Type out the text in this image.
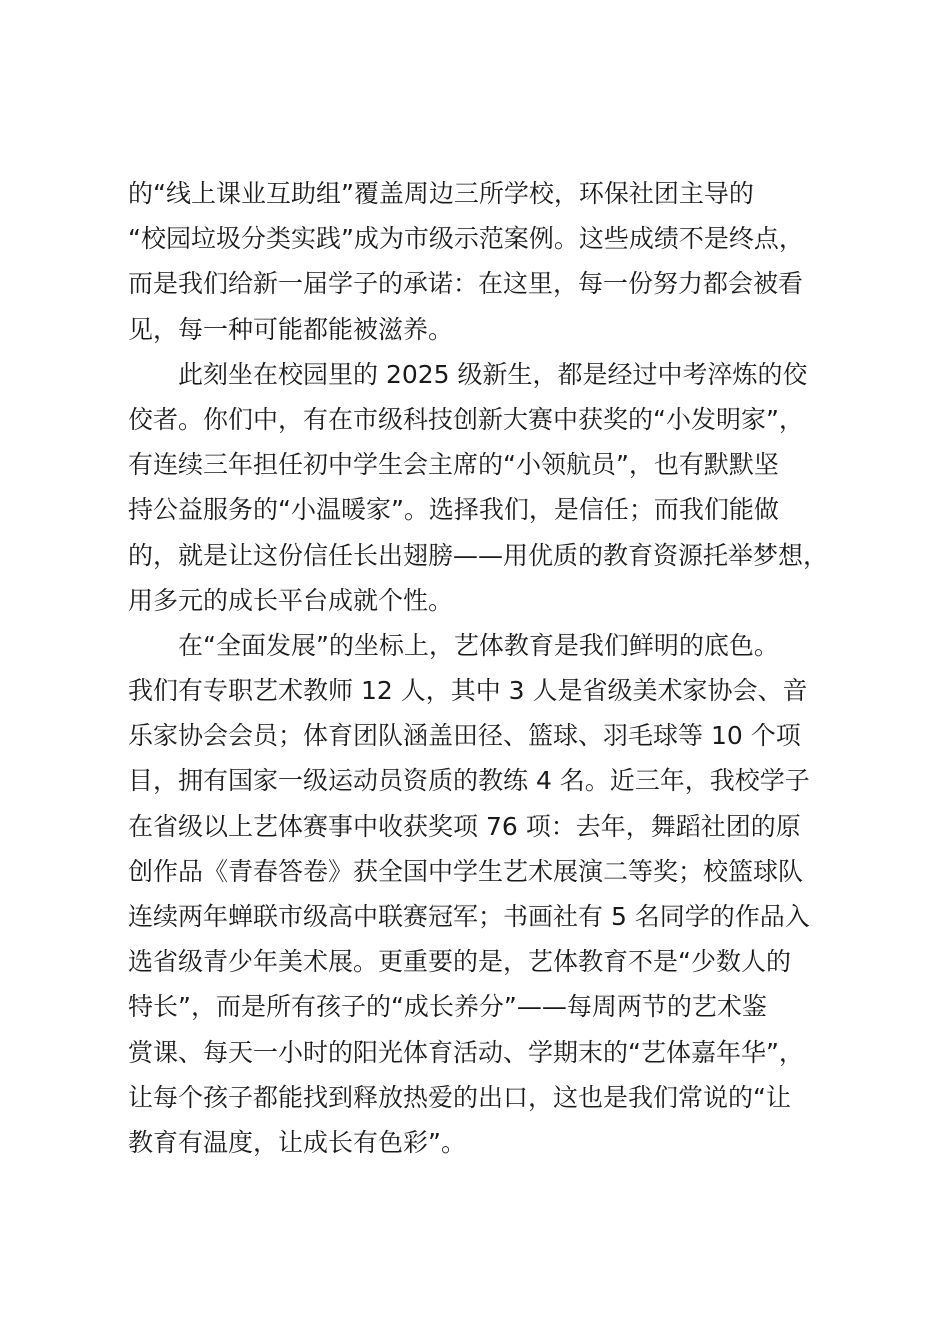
的“线上课业互助组”覆盖周边三所学校，环保社团主导的
“校园垃圾分类实践”成为市级示范案例。这些成绩不是终点，
而是我们给新一届学子的承诺：在这里，每一份努力都会被看
见，每一种可能都能被滋养。
此刻坐在校园里的 2025 级新生，都是经过中考淬炼的佼
佼者。你们中，有在市级科技创新大赛中获奖的“小发明家”，
有连续三年担任初中学生会主席的“小领航员”，也有默默坚
持公益服务的“小温暖家”。选择我们，是信任；而我们能做
的，就是让这份信任长出翅膀——用优质的教育资源托举梦想，
用多元的成长平台成就个性。
在“全面发展”的坐标上，艺体教育是我们鲜明的底色。
我们有专职艺术教师 12 人，其中 3 人是省级美术家协会、音
乐家协会会员；体育团队涵盖田径、篮球、羽毛球等 10 个项
目，拥有国家一级运动员资质的教练 4 名。近三年，我校学子
在省级以上艺体赛事中收获奖项 76 项：去年，舞蹈社团的原
创作品《青春答卷》获全国中学生艺术展演二等奖；校篮球队
连续两年蝉联市级高中联赛冠军；书画社有 5 名同学的作品入
选省级青少年美术展。更重要的是，艺体教育不是“少数人的
特长”，而是所有孩子的“成长养分”——每周两节的艺术鉴
赏课、每天一小时的阳光体育活动、学期末的“艺体嘉年华”，
让每个孩子都能找到释放热爱的出口，这也是我们常说的“让
教育有温度，让成长有色彩”。
